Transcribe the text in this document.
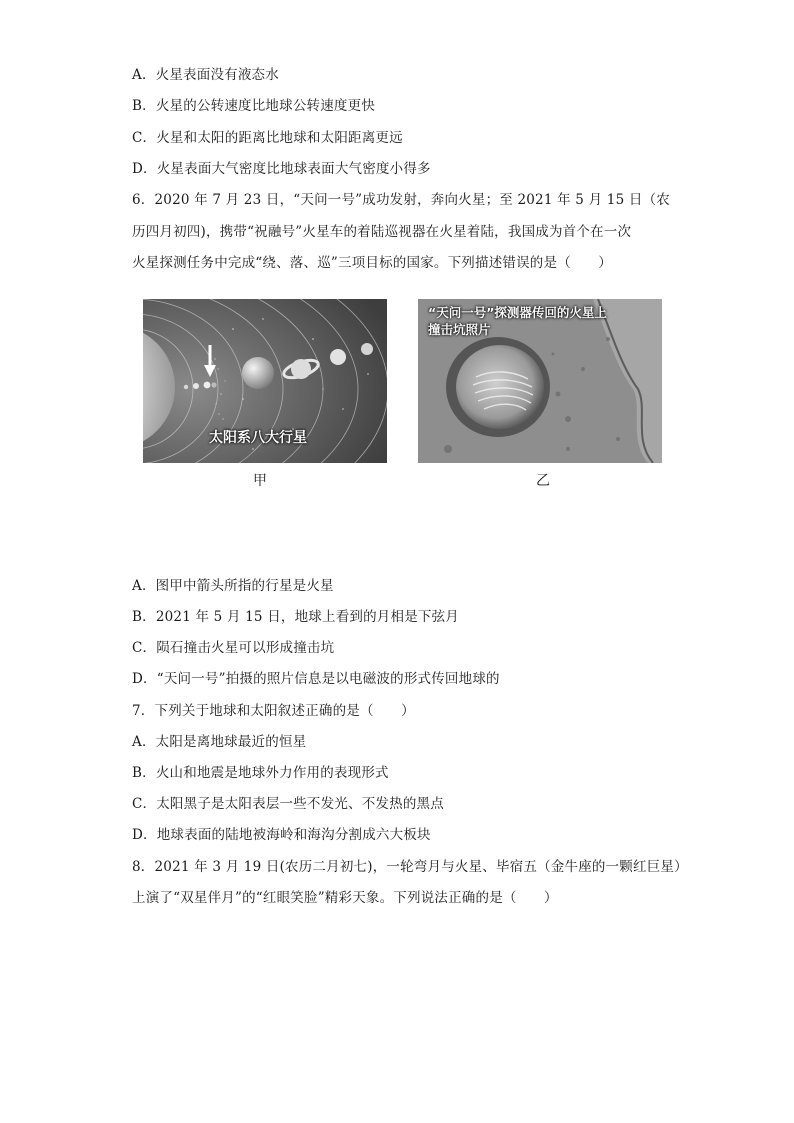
A．火星表面没有液态水
B．火星的公转速度比地球公转速度更快
C．火星和太阳的距离比地球和太阳距离更远
D．火星表面大气密度比地球表面大气密度小得多
6．2020 年 7 月 23 日，“天问一号”成功发射，奔向火星；至 2021 年 5 月 15 日（农
历四月初四)，携带“祝融号”火星车的着陆巡视器在火星着陆，我国成为首个在一次
火星探测任务中完成“绕、落、巡”三项目标的国家。下列描述错误的是（　　）
太阳系八大行星
甲
“天问一号”探测器传回的火星上
撞击坑照片
乙
A．图甲中箭头所指的行星是火星
B．2021 年 5 月 15 日，地球上看到的月相是下弦月
C．陨石撞击火星可以形成撞击坑
D．“天问一号”拍摄的照片信息是以电磁波的形式传回地球的
7．下列关于地球和太阳叙述正确的是（　　）
A．太阳是离地球最近的恒星
B．火山和地震是地球外力作用的表现形式
C．太阳黑子是太阳表层一些不发光、不发热的黑点
D．地球表面的陆地被海岭和海沟分割成六大板块
8．2021 年 3 月 19 日(农历二月初七)，一轮弯月与火星、毕宿五（金牛座的一颗红巨星）
上演了“双星伴月”的“红眼笑脸”精彩天象。下列说法正确的是（　　）
